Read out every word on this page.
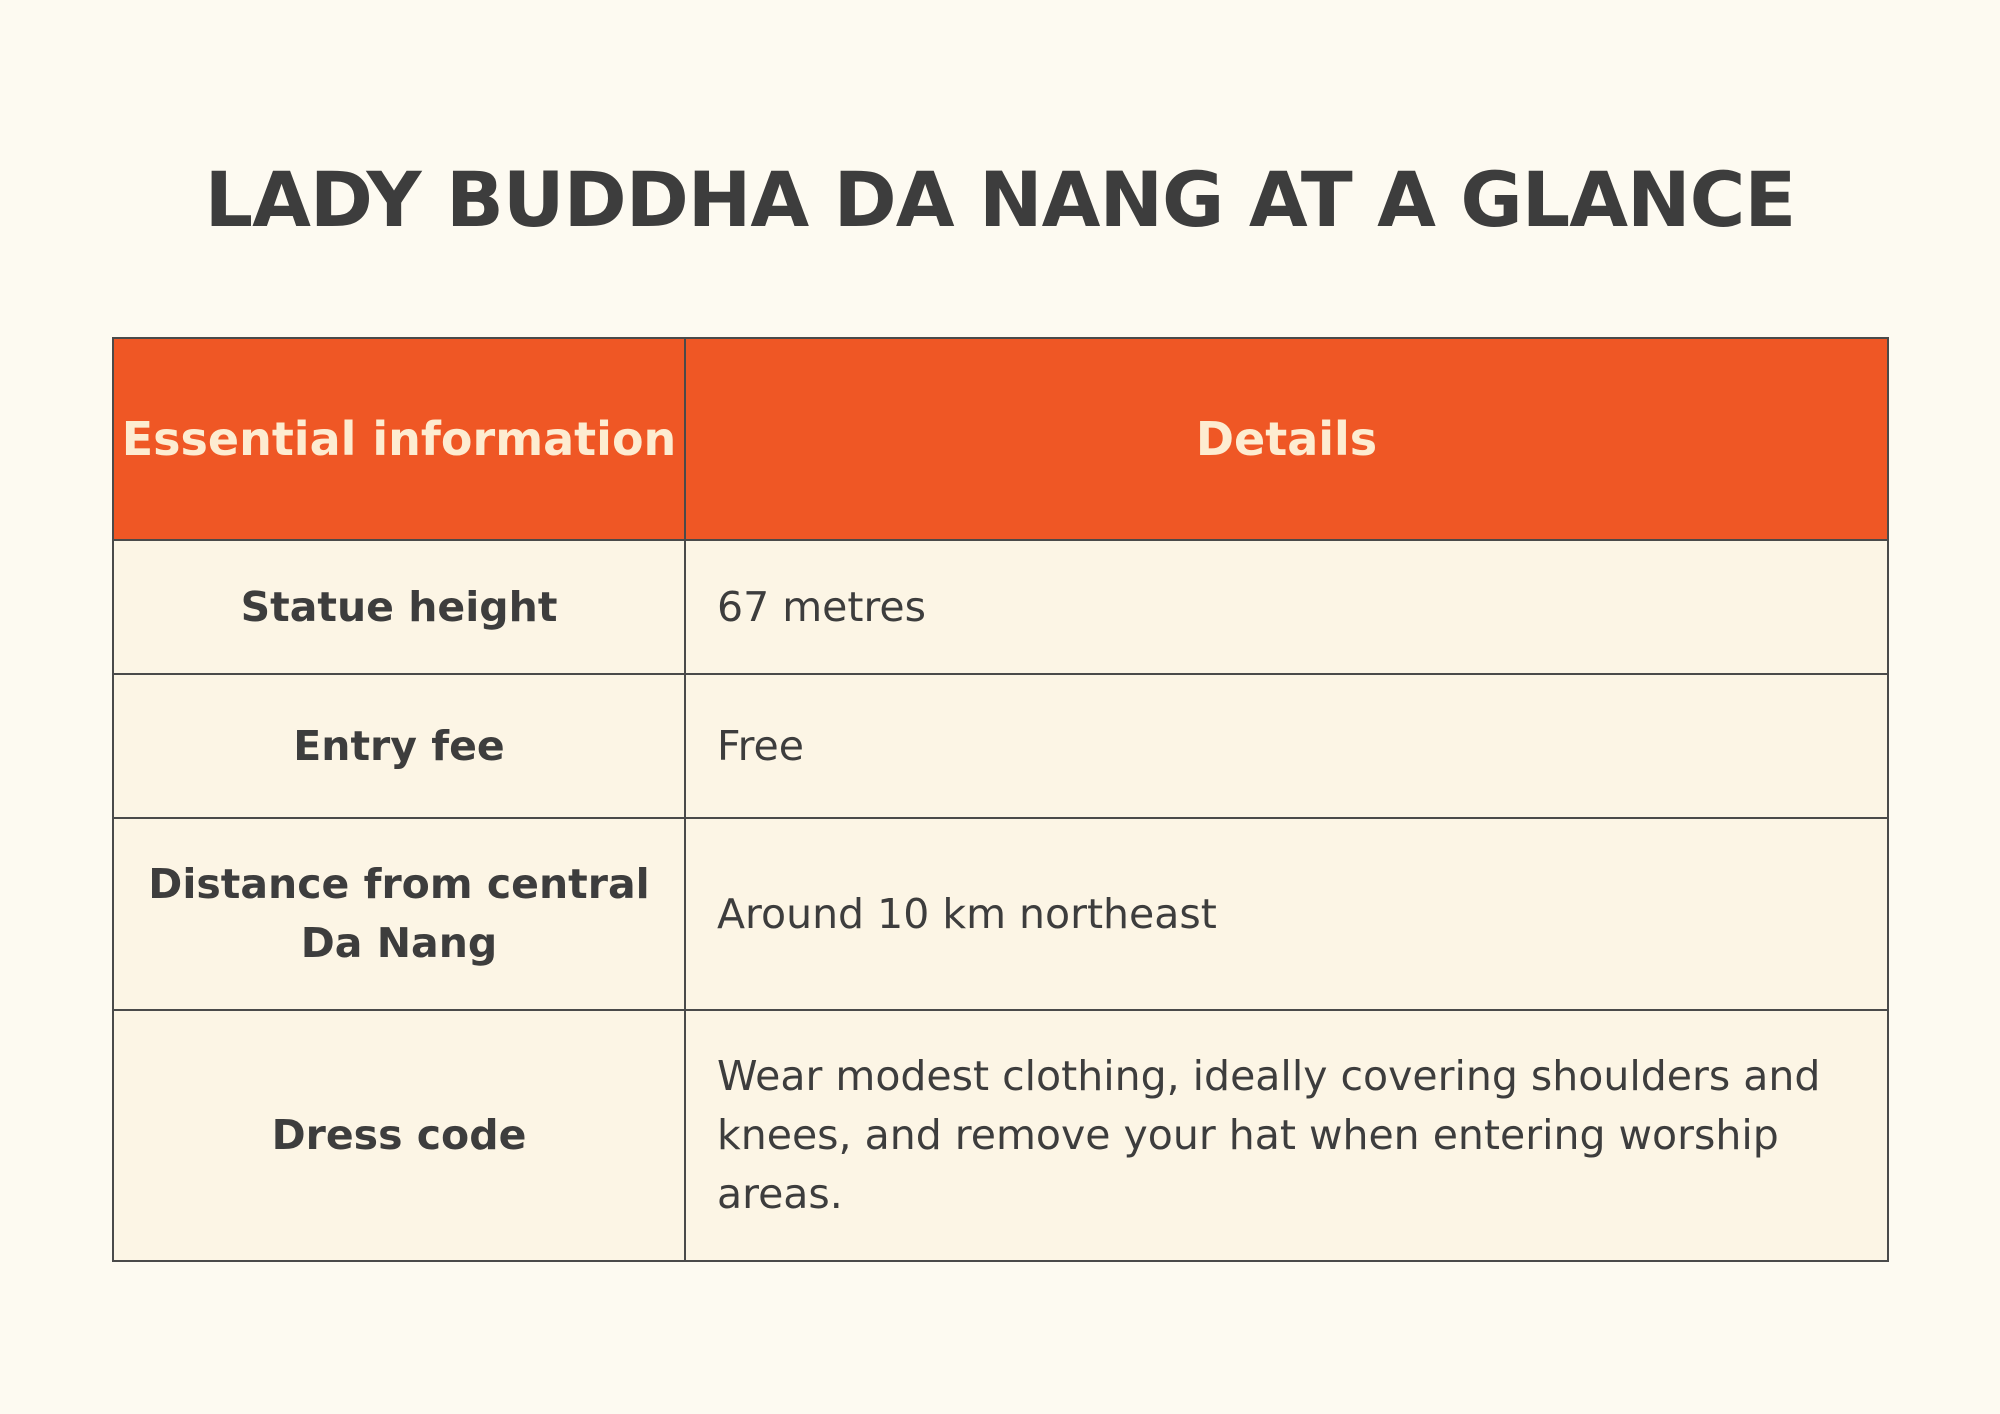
LADY BUDDHA DA NANG AT A GLANCE
Essential information	Details
Statue height	67 metres
Entry fee	Free
Distance from central Da Nang	Around 10 km northeast
Dress code	Wear modest clothing, ideally covering shoulders and knees, and remove your hat when entering worship areas.
